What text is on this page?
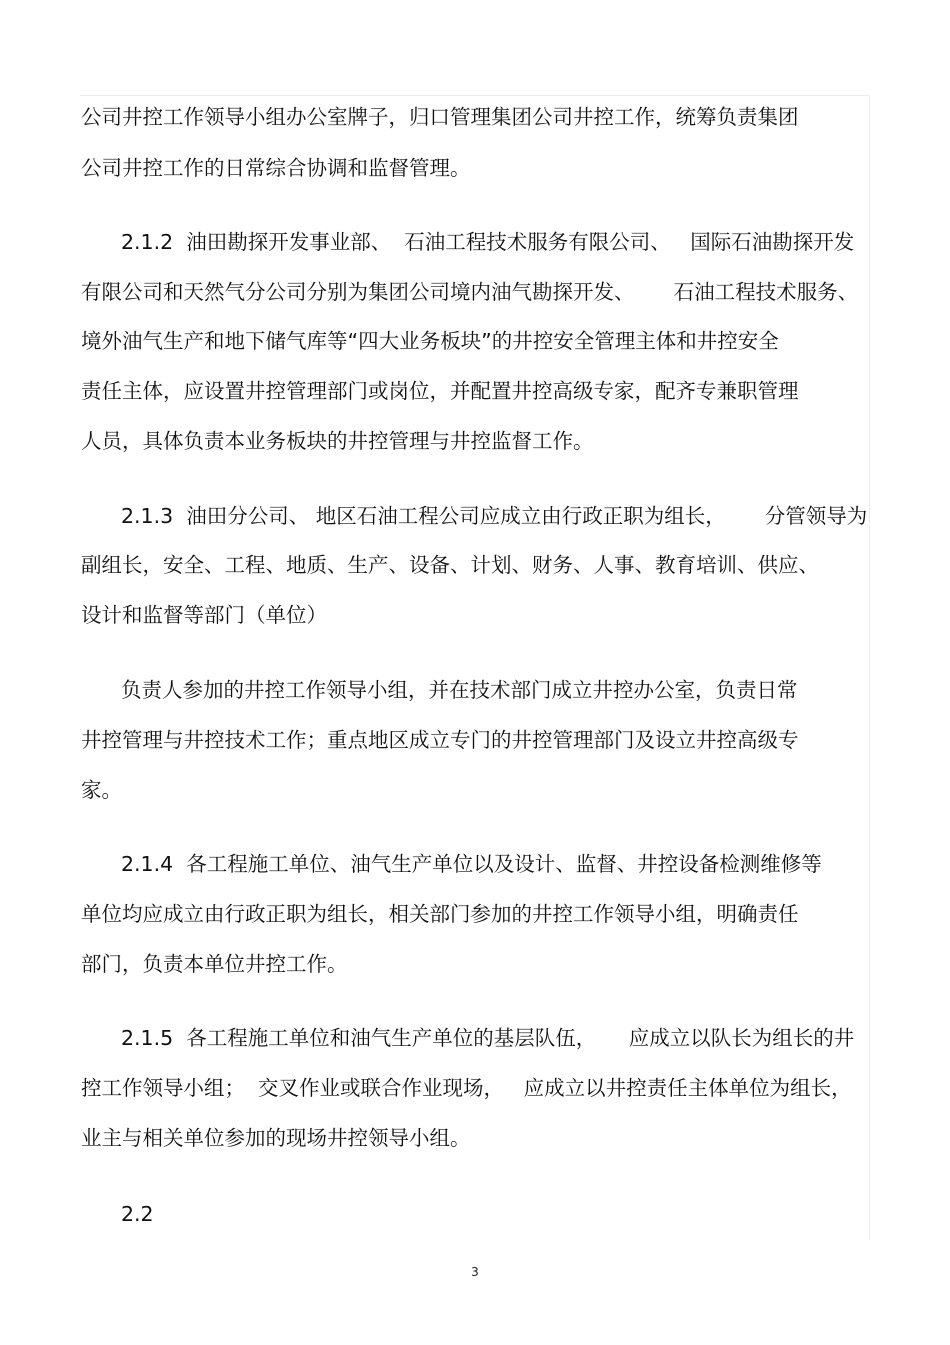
公司井控工作领导小组办公室牌子，归口管理集团公司井控工作，统筹负责集团
公司井控工作的日常综合协调和监督管理。
2.1.2  油田勘探开发事业部、  石油工程技术服务有限公司、   国际石油勘探开发
有限公司和天然气分公司分别为集团公司境内油气勘探开发、      石油工程技术服务、
境外油气生产和地下储气库等“四大业务板块”的井控安全管理主体和井控安全
责任主体，应设置井控管理部门或岗位，并配置井控高级专家，配齐专兼职管理
人员，具体负责本业务板块的井控管理与井控监督工作。
2.1.3  油田分公司、 地区石油工程公司应成立由行政正职为组长，      分管领导为
副组长，安全、工程、地质、生产、设备、计划、财务、人事、教育培训、供应、
设计和监督等部门（单位）
负责人参加的井控工作领导小组，并在技术部门成立井控办公室，负责日常
井控管理与井控技术工作；重点地区成立专门的井控管理部门及设立井控高级专
家。
2.1.4  各工程施工单位、油气生产单位以及设计、监督、井控设备检测维修等
单位均应成立由行政正职为组长，相关部门参加的井控工作领导小组，明确责任
部门，负责本单位井控工作。
2.1.5  各工程施工单位和油气生产单位的基层队伍，     应成立以队长为组长的井
控工作领导小组；  交叉作业或联合作业现场，   应成立以井控责任主体单位为组长，
业主与相关单位参加的现场井控领导小组。
2.2
3
